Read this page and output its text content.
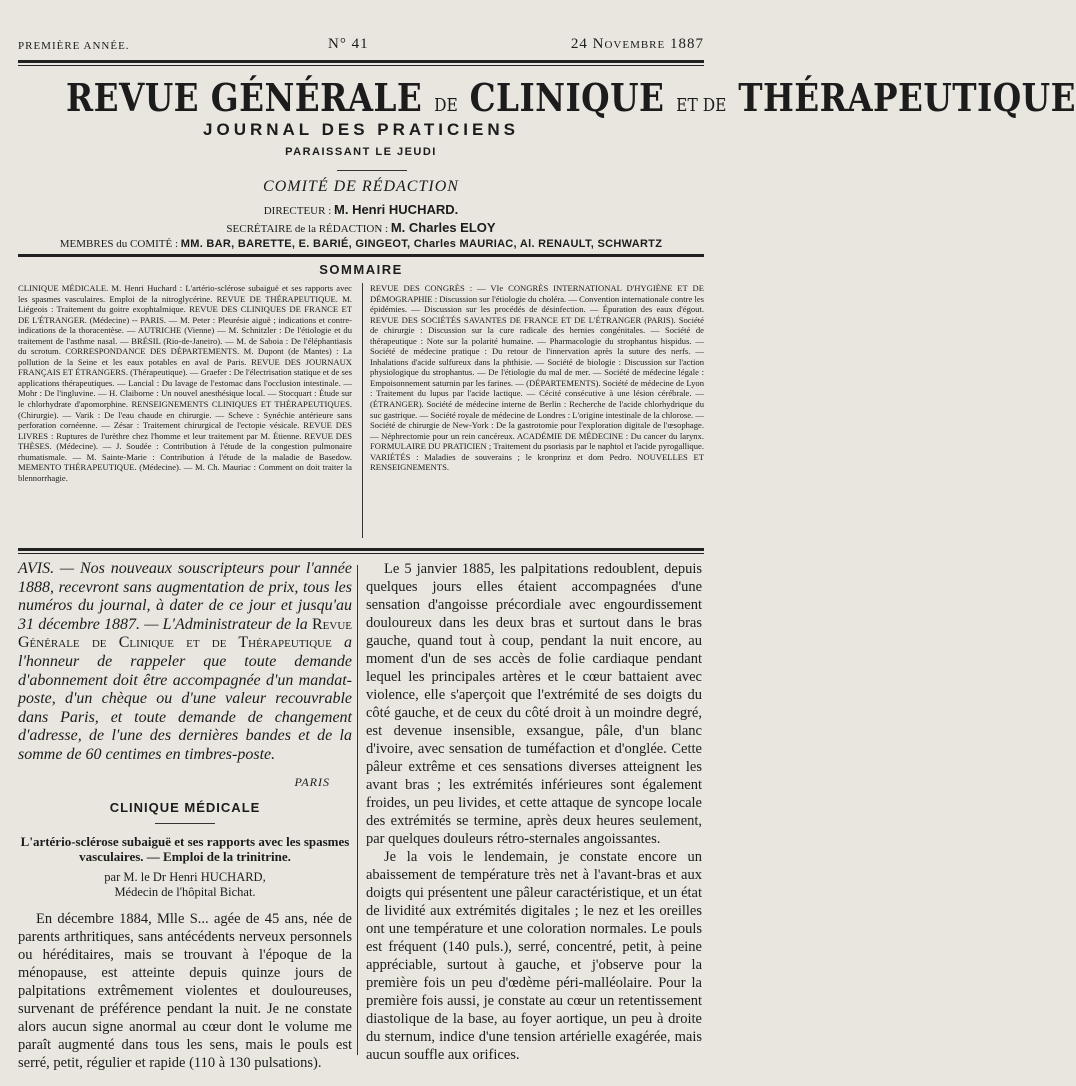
PREMIÈRE ANNÉE.	N° 41	24 Novembre 1887
REVUE GÉNÉRALE DE CLINIQUE ET DE THÉRAPEUTIQUE
JOURNAL DES PRATICIENS
PARAISSANT LE JEUDI
COMITÉ DE RÉDACTION
DIRECTEUR : M. Henri HUCHARD.
SECRÉTAIRE de la RÉDACTION : M. Charles ELOY
MEMBRES du COMITÉ : MM. BAR, BARETTE, E. BARIÉ, GINGEOT, Charles MAURIAC, Al. RENAULT, SCHWARTZ
SOMMAIRE

CLINIQUE MÉDICALE. M. Henri Huchard : L'artério-sclérose subaiguë et ses rapports avec les spasmes vasculaires. Emploi de la nitroglycérine. REVUE DE THÉRAPEUTIQUE. M. Liégeois : Traitement du goitre exophtalmique. REVUE DES CLINIQUES DE FRANCE ET DE L'ÉTRANGER. (Médecine) -- PARIS. — M. Peter : Pleurésie aiguë ; indications et contre-indications de la thoracentèse. — AUTRICHE (Vienne) — M. Schnitzler : De l'étiologie et du traitement de l'asthme nasal. — BRÉSIL (Rio-de-Janeiro). — M. de Saboia : De l'éléphantiasis du scrotum. CORRESPONDANCE DES DÉPARTEMENTS. M. Dupont (de Mantes) : La pollution de la Seine et les eaux potables en aval de Paris. REVUE DES JOURNAUX FRANÇAIS ET ÉTRANGERS. (Thérapeutique). — Graefer : De l'électrisation statique et de ses applications thérapeutiques. — Lancial : Du lavage de l'estomac dans l'occlusion intestinale. — Mohr : De l'ingluvine. — H. Claiborne : Un nouvel anesthésique local. — Stocquart : Étude sur le chlorhydrate d'apomorphine. RENSEIGNEMENTS CLINIQUES ET THÉRAPEUTIQUES. (Chirurgie). — Varik : De l'eau chaude en chirurgie. — Scheve : Synéchie antérieure sans perforation cornéenne. — Zésar : Traitement chirurgical de l'ectopie vésicale. REVUE DES LIVRES : Ruptures de l'urèthre chez l'homme et leur traitement par M. Étienne. REVUE DES THÈSES. (Médecine). — J. Soudée : Contribution à l'étude de la congestion pulmonaire rhumatismale. — M. Sainte-Marie : Contribution à l'étude de la maladie de Basedow. MEMENTO THÉRAPEUTIQUE. (Médecine). — M. Ch. Mauriac : Comment on doit traiter la blennorrhagie.

REVUE DES CONGRÈS : — VIe CONGRÈS INTERNATIONAL D'HYGIÈNE ET DE DÉMOGRAPHIE : Discussion sur l'étiologie du choléra. — Convention internationale contre les épidémies. — Discussion sur les procédés de désinfection. — Épuration des eaux d'égout. REVUE DES SOCIÉTÉS SAVANTES DE FRANCE ET DE L'ÉTRANGER (PARIS). Société de chirurgie : Discussion sur la cure radicale des hernies congénitales. — Société de thérapeutique : Note sur la polarité humaine. — Pharmacologie du strophantus hispidus. — Société de médecine pratique : Du retour de l'innervation après la suture des nerfs. — Inhalations d'acide sulfureux dans la phthisie. — Société de biologie : Discussion sur l'action physiologique du strophantus. — De l'étiologie du mal de mer. — Société de médecine légale : Empoisonnement saturnin par les farines. — (DÉPARTEMENTS). Société de médecine de Lyon : Traitement du lupus par l'acide lactique. — Cécité consécutive à une lésion cérébrale. — (ÉTRANGER). Société de médecine interne de Berlin : Recherche de l'acide chlorhydrique du suc gastrique. — Société royale de médecine de Londres : L'origine intestinale de la chlorose. — Société de chirurgie de New-York : De la gastrotomie pour l'exploration digitale de l'œsophage. — Néphrectomie pour un rein cancéreux. ACADÉMIE DE MÉDECINE : Du cancer du larynx. FORMULAIRE DU PRATICIEN ; Traitement du psoriasis par le naphtol et l'acide pyrogallique. VARIÉTÉS : Maladies de souverains ; le kronprinz et dom Pedro. NOUVELLES ET RENSEIGNEMENTS.

AVIS. — Nos nouveaux souscripteurs pour l'année 1888, recevront sans augmentation de prix, tous les numéros du journal, à dater de ce jour et jusqu'au 31 décembre 1887. — L'Administrateur de la Revue Générale de Clinique et de Thérapeutique a l'honneur de rappeler que toute demande d'abonnement doit être accompagnée d'un mandat-poste, d'un chèque ou d'une valeur recouvrable dans Paris, et toute demande de changement d'adresse, de l'une des dernières bandes et de la somme de 60 centimes en timbres-poste.

PARIS
CLINIQUE MÉDICALE
L'artério-sclérose subaiguë et ses rapports avec les spasmes vasculaires. — Emploi de la trinitrine.
par M. le Dr Henri HUCHARD,
Médecin de l'hôpital Bichat.

En décembre 1884, Mlle S... agée de 45 ans, née de parents arthritiques, sans antécédents nerveux personnels ou héréditaires, mais se trouvant à l'époque de la ménopause, est atteinte depuis quinze jours de palpitations extrêmement violentes et douloureuses, survenant de préférence pendant la nuit. Je ne constate alors aucun signe anormal au cœur dont le volume me paraît augmenté dans tous les sens, mais le pouls est serré, petit, régulier et rapide (110 à 130 pulsations).

Le 5 janvier 1885, les palpitations redoublent, depuis quelques jours elles étaient accompagnées d'une sensation d'angoisse précordiale avec engourdissement douloureux dans les deux bras et surtout dans le bras gauche, quand tout à coup, pendant la nuit encore, au moment d'un de ses accès de folie cardiaque pendant lequel les principales artères et le cœur battaient avec violence, elle s'aperçoit que l'extrémité de ses doigts du côté gauche, et de ceux du côté droit à un moindre degré, est devenue insensible, exsangue, pâle, d'un blanc d'ivoire, avec sensation de tuméfaction et d'onglée. Cette pâleur extrême et ces sensations diverses atteignent les avant bras ; les extrémités inférieures sont également froides, un peu livides, et cette attaque de syncope locale des extrémités se termine, après deux heures seulement, par quelques douleurs rétro-sternales angoissantes.

Je la vois le lendemain, je constate encore un abaissement de température très net à l'avant-bras et aux doigts qui présentent une pâleur caractéristique, et un état de lividité aux extrémités digitales ; le nez et les oreilles ont une température et une coloration normales. Le pouls est fréquent (140 puls.), serré, concentré, petit, à peine appréciable, surtout à gauche, et j'observe pour la première fois un peu d'œdème péri-malléolaire. Pour la première fois aussi, je constate au cœur un retentissement diastolique de la base, au foyer aortique, un peu à droite du sternum, indice d'une tension artérielle exagérée, mais aucun souffle aux orifices.
